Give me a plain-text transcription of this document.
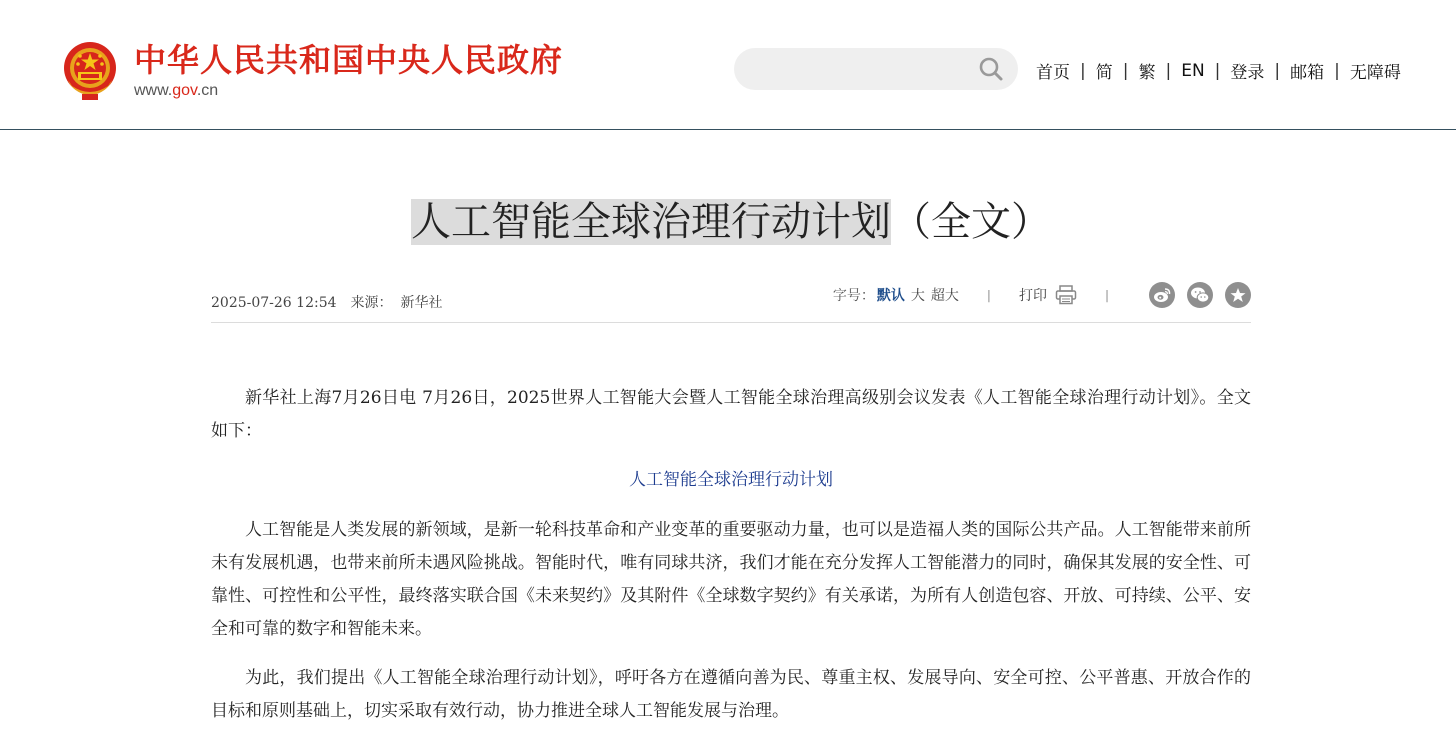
中华人民共和国中央人民政府
www.gov.cn
首页 | 简 | 繁 | EN | 登录 | 邮箱 | 无障碍
人工智能全球治理行动计划（全文）
2025-07-26 12:54 来源： 新华社	字号： 默认 大 超大 | 打印	|

新华社上海7月26日电 7月26日，2025世界人工智能大会暨人工智能全球治理高级别会议发表《人工智能全球治理行动计划》。全文如下：

人工智能全球治理行动计划

人工智能是人类发展的新领域，是新一轮科技革命和产业变革的重要驱动力量，也可以是造福人类的国际公共产品。人工智能带来前所未有发展机遇，也带来前所未遇风险挑战。智能时代，唯有同球共济，我们才能在充分发挥人工智能潜力的同时，确保其发展的安全性、可靠性、可控性和公平性，最终落实联合国《未来契约》及其附件《全球数字契约》有关承诺，为所有人创造包容、开放、可持续、公平、安全和可靠的数字和智能未来。

为此，我们提出《人工智能全球治理行动计划》，呼吁各方在遵循向善为民、尊重主权、发展导向、安全可控、公平普惠、开放合作的目标和原则基础上，切实采取有效行动，协力推进全球人工智能发展与治理。
